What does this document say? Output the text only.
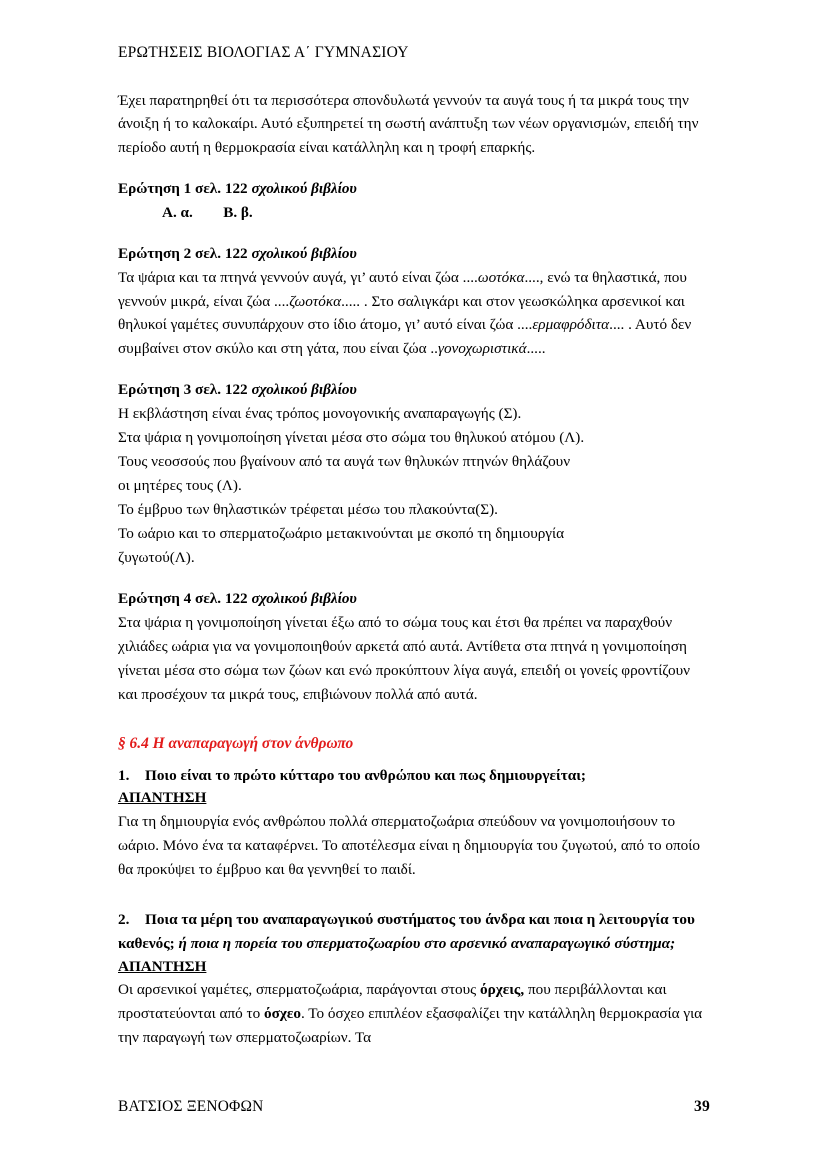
ΕΡΩΤΗΣΕΙΣ ΒΙΟΛΟΓΙΑΣ Α΄ ΓΥΜΝΑΣΙΟΥ

Έχει παρατηρηθεί ότι τα περισσότερα σπονδυλωτά γεννούν τα αυγά τους ή τα μικρά τους την άνοιξη ή το καλοκαίρι. Αυτό εξυπηρετεί τη σωστή ανάπτυξη των νέων οργανισμών, επειδή την περίοδο αυτή η θερμοκρασία είναι κατάλληλη και η τροφή επαρκής.

Ερώτηση 1 σελ. 122 σχολικού βιβλίου

Α. α.        Β. β.

Ερώτηση 2 σελ. 122 σχολικού βιβλίου

Τα ψάρια και τα πτηνά γεννούν αυγά, γι’ αυτό είναι ζώα ....ωοτόκα...., ενώ τα θηλαστικά, που γεννούν μικρά, είναι ζώα ....ζωοτόκα..... . Στο σαλιγκάρι και στον γεωσκώληκα αρσενικοί και θηλυκοί γαμέτες συνυπάρχουν στο ίδιο άτομο, γι’ αυτό είναι ζώα ....ερμαφρόδιτα.... . Αυτό δεν συμβαίνει στον σκύλο και στη γάτα, που είναι ζώα ..γονοχωριστικά.....

Ερώτηση 3 σελ. 122 σχολικού βιβλίου

Η εκβλάστηση είναι ένας τρόπος μονογονικής αναπαραγωγής (Σ).
Στα ψάρια η γονιμοποίηση γίνεται μέσα στο σώμα του θηλυκού ατόμου (Λ).
Τους νεοσσούς που βγαίνουν από τα αυγά των θηλυκών πτηνών θηλάζουν
οι μητέρες τους (Λ).
Το έμβρυο των θηλαστικών τρέφεται μέσω του πλακούντα(Σ).
Το ωάριο και το σπερματοζωάριο μετακινούνται με σκοπό τη δημιουργία
ζυγωτού(Λ).

Ερώτηση 4 σελ. 122 σχολικού βιβλίου

Στα ψάρια η γονιμοποίηση γίνεται έξω από το σώμα τους και έτσι θα πρέπει να παραχθούν χιλιάδες ωάρια για να γονιμοποιηθούν αρκετά από αυτά. Αντίθετα στα πτηνά η γονιμοποίηση γίνεται μέσα στο σώμα των ζώων και ενώ προκύπτουν λίγα αυγά, επειδή οι γονείς φροντίζουν και προσέχουν τα μικρά τους, επιβιώνουν πολλά από αυτά.

§ 6.4 Η αναπαραγωγή στον άνθρωπο

1. Ποιο είναι το πρώτο κύτταρο του ανθρώπου και πως δημιουργείται;

ΑΠΑΝΤΗΣΗ

Για τη δημιουργία ενός ανθρώπου πολλά σπερματοζωάρια σπεύδουν να γονιμοποιήσουν το ωάριο. Μόνο ένα τα καταφέρνει. Το αποτέλεσμα είναι η δημιουργία του ζυγωτού, από το οποίο θα προκύψει το έμβρυο και θα γεννηθεί το παιδί.

2. Ποια τα μέρη του αναπαραγωγικού συστήματος του άνδρα και ποια η λειτουργία του καθενός; ή ποια η πορεία του σπερματοζωαρίου στο αρσενικό αναπαραγωγικό σύστημα;

ΑΠΑΝΤΗΣΗ

Οι αρσενικοί γαμέτες, σπερματοζωάρια, παράγονται στους όρχεις, που περιβάλλονται και προστατεύονται από το όσχεο. Το όσχεο επιπλέον εξασφαλίζει την κατάλληλη θερμοκρασία για την παραγωγή των σπερματοζωαρίων. Τα

ΒΑΤΣΙΟΣ ΞΕΝΟΦΩΝ	39
